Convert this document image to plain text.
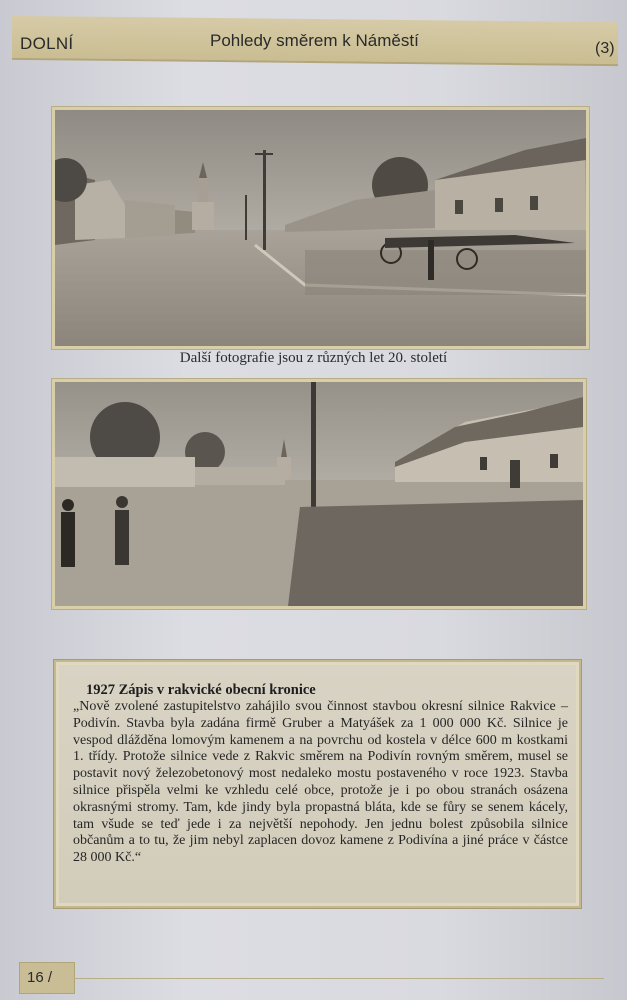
DOLNÍ	Pohledy směrem k Náměstí	(3)
Další fotografie jsou z různých let 20. století
1927 Zápis v rakvické obecní kronice

„Nově zvolené zastupitelstvo zahájilo svou činnost stavbou okresní silnice Rakvice – Podivín. Stavba byla zadána firmě Gruber a Matyášek za 1 000 000 Kč. Silnice je vespod dlážděna lomovým kamenem a na povrchu od kostela v délce 600 m kostkami 1. třídy. Protože silnice vede z Rakvic směrem na Podivín rovným směrem, musel se postavit nový železobetonový most nedaleko mostu postaveného v roce 1923. Stavba silnice přispěla velmi ke vzhledu celé obce, protože je i po obou stranách osázena okrasnými stromy. Tam, kde jindy byla propastná bláta, kde se fůry se senem kácely, tam všude se teď jede i za největší nepohody. Jen jednu bolest způsobila silnice občanům a to tu, že jim nebyl zaplacen dovoz kamene z Podivína a jiné práce v částce 28 000 Kč.“

16 /
